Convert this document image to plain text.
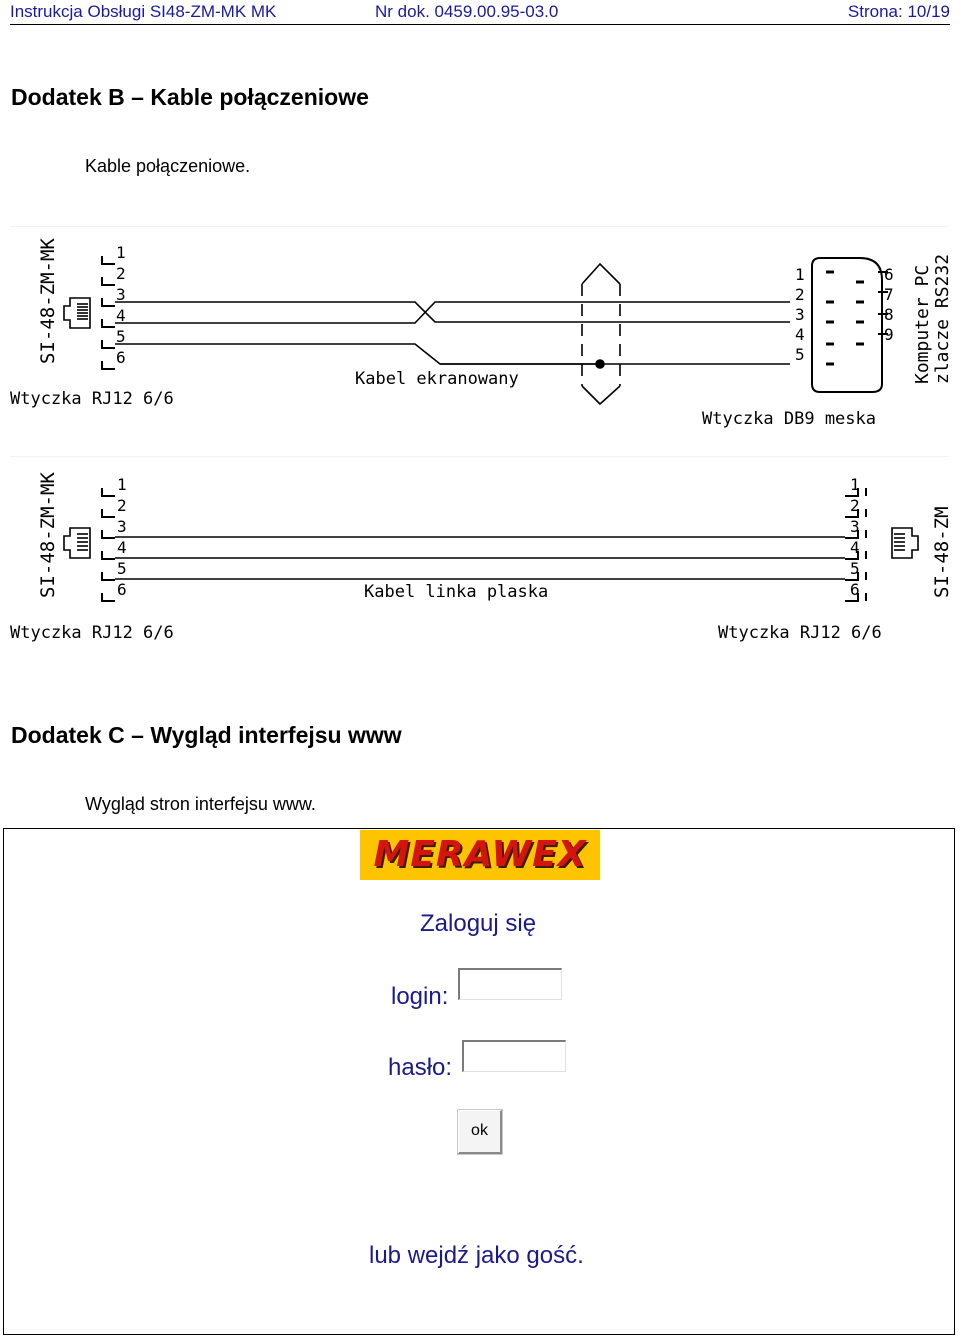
Instrukcja Obsługi SI48-ZM-MK MK	Nr dok. 0459.00.95-03.0	Strona: 10/19
Dodatek B – Kable połączeniowe
Kable połączeniowe.
SI-48-ZM-MK	1
2
3
4
5
6
Kabel ekranowany
Wtyczka RJ12 6/6
1
2
3
4
5
6
7
8
9 Komputer PC zlacze RS232
Wtyczka DB9 meska
SI-48-ZM-MK	1
2
3
4
5
6	Kabel linka plaska
1
2
3
4
5
6	SI-48-ZM
Wtyczka RJ12 6/6	Wtyczka RJ12 6/6
Dodatek C – Wygląd interfejsu www
Wygląd stron interfejsu www.
MERAWEX
Zaloguj się
login:
hasło:
ok
lub wejdź jako gość.
